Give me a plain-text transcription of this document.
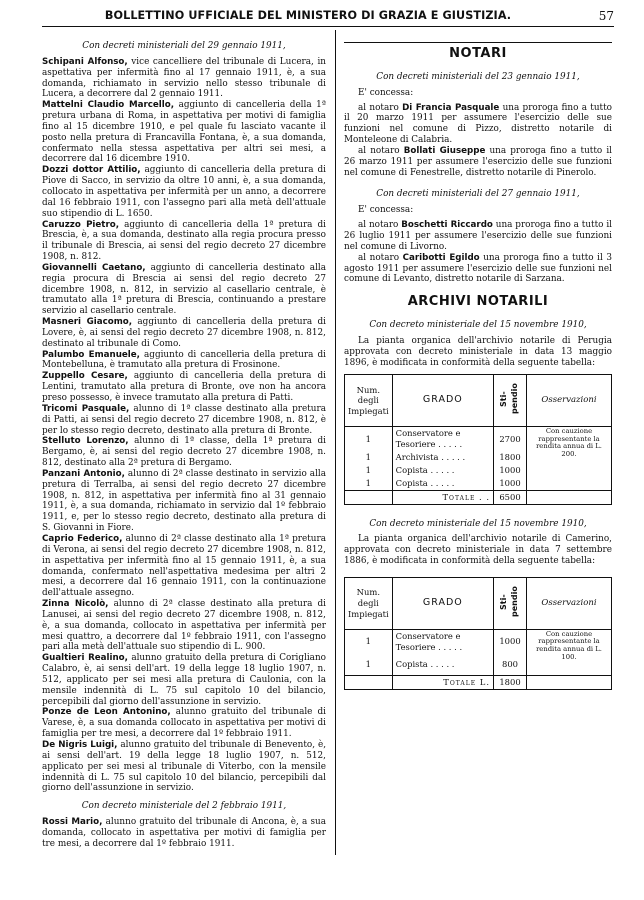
BOLLETTINO UFFICIALE DEL MINISTERO DI GRAZIA E GIUSTIZIA.	57

Con decreti ministeriali del 29 gennaio 1911,

Schipani Alfonso, vice cancelliere del tribunale di Lucera, in aspettativa per infermità fino al 17 gennaio 1911, è, a sua domanda, richiamato in servizio nello stesso tribunale di Lucera, a decorrere dal 2 gennaio 1911.

Mattelni Claudio Marcello, aggiunto di cancelleria della 1ª pretura urbana di Roma, in aspettativa per motivi di famiglia fino al 15 dicembre 1910, e pel quale fu lasciato vacante il posto nella pretura di Francavilla Fontana, è, a sua domanda, confermato nella stessa aspettativa per altri sei mesi, a decorrere dal 16 dicembre 1910.

Dozzi dottor Attilio, aggiunto di cancelleria della pretura di Piove di Sacco, in servizio da oltre 10 anni, è, a sua domanda, collocato in aspettativa per infermità per un anno, a decorrere dal 16 febbraio 1911, con l'assegno pari alla metà dell'attuale suo stipendio di L. 1650.

Caruzzo Pietro, aggiunto di cancelleria della 1ª pretura di Brescia, è, a sua domanda, destinato alla regia procura presso il tribunale di Brescia, ai sensi del regio decreto 27 dicembre 1908, n. 812.

Giovannelli Caetano, aggiunto di cancelleria destinato alla regia procura di Brescia ai sensi del regio decreto 27 dicembre 1908, n. 812, in servizio al casellario centrale, è tramutato alla 1ª pretura di Brescia, continuando a prestare servizio al casellario centrale.

Masneri Giacomo, aggiunto di cancelleria della pretura di Lovere, è, ai sensi del regio decreto 27 dicembre 1908, n. 812, destinato al tribunale di Como.

Palumbo Emanuele, aggiunto di cancelleria della pretura di Montebelluna, è tramutato alla pretura di Frosinone.

Zuppello Cesare, aggiunto di cancelleria della pretura di Lentini, tramutato alla pretura di Bronte, ove non ha ancora preso possesso, è invece tramutato alla pretura di Patti.

Tricomi Pasquale, alunno di 1ª classe destinato alla pretura di Patti, ai sensi del regio decreto 27 dicembre 1908, n. 812, è per lo stesso regio decreto, destinato alla pretura di Bronte.

Stelluto Lorenzo, alunno di 1ª classe, della 1ª pretura di Bergamo, è, ai sensi del regio decreto 27 dicembre 1908, n. 812, destinato alla 2ª pretura di Bergamo.

Panzani Antonio, alunno di 2ª classe destinato in servizio alla pretura di Terralba, ai sensi del regio decreto 27 dicembre 1908, n. 812, in aspettativa per infermità fino al 31 gennaio 1911, è, a sua domanda, richiamato in servizio dal 1º febbraio 1911, e, per lo stesso regio decreto, destinato alla pretura di S. Giovanni in Fiore.

Caprio Federico, alunno di 2ª classe destinato alla 1ª pretura di Verona, ai sensi del regio decreto 27 dicembre 1908, n. 812, in aspettativa per infermità fino al 15 gennaio 1911, è, a sua domanda, confermato nell'aspettativa medesima per altri 2 mesi, a decorrere dal 16 gennaio 1911, con la continuazione dell'attuale assegno.

Zinna Nicolò, alunno di 2ª classe destinato alla pretura di Lanusei, ai sensi del regio decreto 27 dicembre 1908, n. 812, è, a sua domanda, collocato in aspettativa per infermità per mesi quattro, a decorrere dal 1º febbraio 1911, con l'assegno pari alla metà dell'attuale suo stipendio di L. 900.

Gualtieri Realino, alunno gratuito della pretura di Corigliano Calabro, è, ai sensi dell'art. 19 della legge 18 luglio 1907, n. 512, applicato per sei mesi alla pretura di Caulonia, con la mensile indennità di L. 75 sul capitolo 10 del bilancio, percepibili dal giorno dell'assunzione in servizio.

Ponze de Leon Antonino, alunno gratuito del tribunale di Varese, è, a sua domanda collocato in aspettativa per motivi di famiglia per tre mesi, a decorrere dal 1º febbraio 1911.

De Nigris Luigi, alunno gratuito del tribunale di Benevento, è, ai sensi dell'art. 19 della legge 18 luglio 1907, n. 512, applicato per sei mesi al tribunale di Viterbo, con la mensile indennità di L. 75 sul capitolo 10 del bilancio, percepibili dal giorno dell'assunzione in servizio.

Con decreto ministeriale del 2 febbraio 1911,

Rossi Mario, alunno gratuito del tribunale di Ancona, è, a sua domanda, collocato in aspettativa per motivi di famiglia per tre mesi, a decorrere dal 1º febbraio 1911.

NOTARI

Con decreti ministeriali del 23 gennaio 1911,

E' concessa:

al notaro Di Francia Pasquale una proroga fino a tutto il 20 marzo 1911 per assumere l'esercizio delle sue funzioni nel comune di Pizzo, distretto notarile di Monteleone di Calabria.

al notaro Bollati Giuseppe una proroga fino a tutto il 26 marzo 1911 per assumere l'esercizio delle sue funzioni nel comune di Fenestrelle, distretto notarile di Pinerolo.

Con decreti ministeriali del 27 gennaio 1911,

E' concessa:

al notaro Boschetti Riccardo una proroga fino a tutto il 26 luglio 1911 per assumere l'esercizio delle sue funzioni nel comune di Livorno.

al notaro Caribotti Egildo una proroga fino a tutto il 3 agosto 1911 per assumere l'esercizio delle sue funzioni nel comune di Levanto, distretto notarile di Sarzana.

ARCHIVI NOTARILI

Con decreto ministeriale del 15 novembre 1910,

La pianta organica dell'archivio notarile di Perugia approvata con decreto ministeriale in data 13 maggio 1896, è modificata in conformità della seguente tabella:

Num. degli Impiegati	GRADO	Sti-pendio	Osservazioni
1	Conservatore e Tesoriere . . . . .	2700	Con cauzione rappresentante la rendita annua di L. 200.
1	Archivista . . . . .	1800	
1	Copista . . . . .	1000	
1	Copista . . . . .	1000	
	Totale . .	6500	

Con decreto ministeriale del 15 novembre 1910,

La pianta organica dell'archivio notarile di Camerino, approvata con decreto ministeriale in data 7 settembre 1886, è modificata in conformità della seguente tabella:

Num. degli Impiegati	GRADO	Sti-pendio	Osservazioni
1	Conservatore e Tesoriere . . . . .	1000	Con cauzione rappresentante la rendita annua di L. 100.
1	Copista . . . . .	800	
	Totale L.	1800	
